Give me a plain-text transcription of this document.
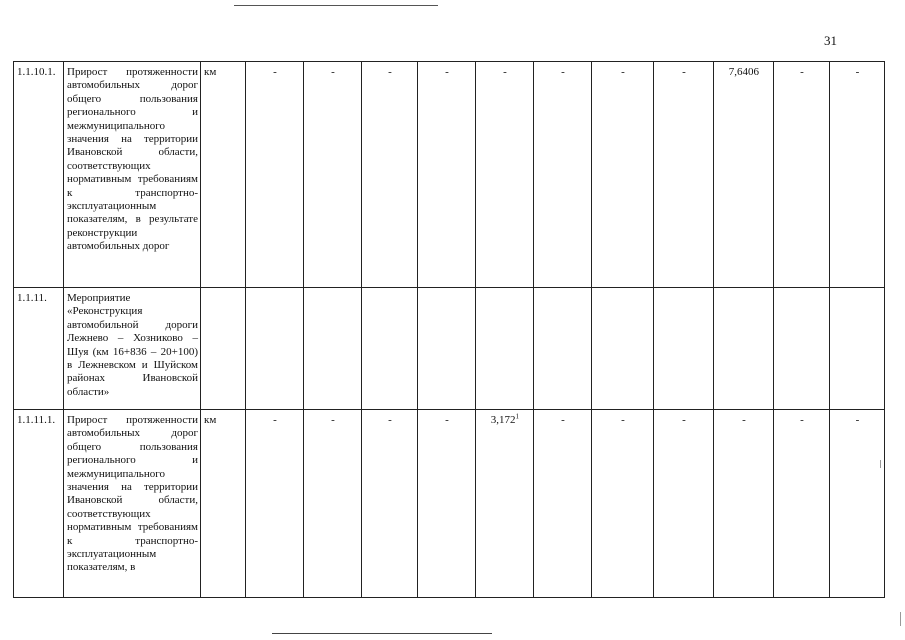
31
1.1.10.1.	Прирост протяженности автомобильных дорог общего пользования регионального и межмуниципального значения на территории Ивановской области, соответствующих нормативным требованиям к транспортно-эксплуатационным показателям, в результате реконструкции автомобильных дорог	км	-	-	-	-	-	-	-	-	7,6406	-	-
1.1.11.	Мероприятие «Реконструкция автомобильной дороги Лежнево – Хозниково – Шуя (км 16+836 – 20+100) в Лежневском и Шуйском районах Ивановской области»												
1.1.11.1.	Прирост протяженности автомобильных дорог общего пользования регионального и межмуниципального значения на территории Ивановской области, соответствующих нормативным требованиям к транспортно-эксплуатационным показателям, в	км	-	-	-	-	3,172$^1$	-	-	-	-	-	-
